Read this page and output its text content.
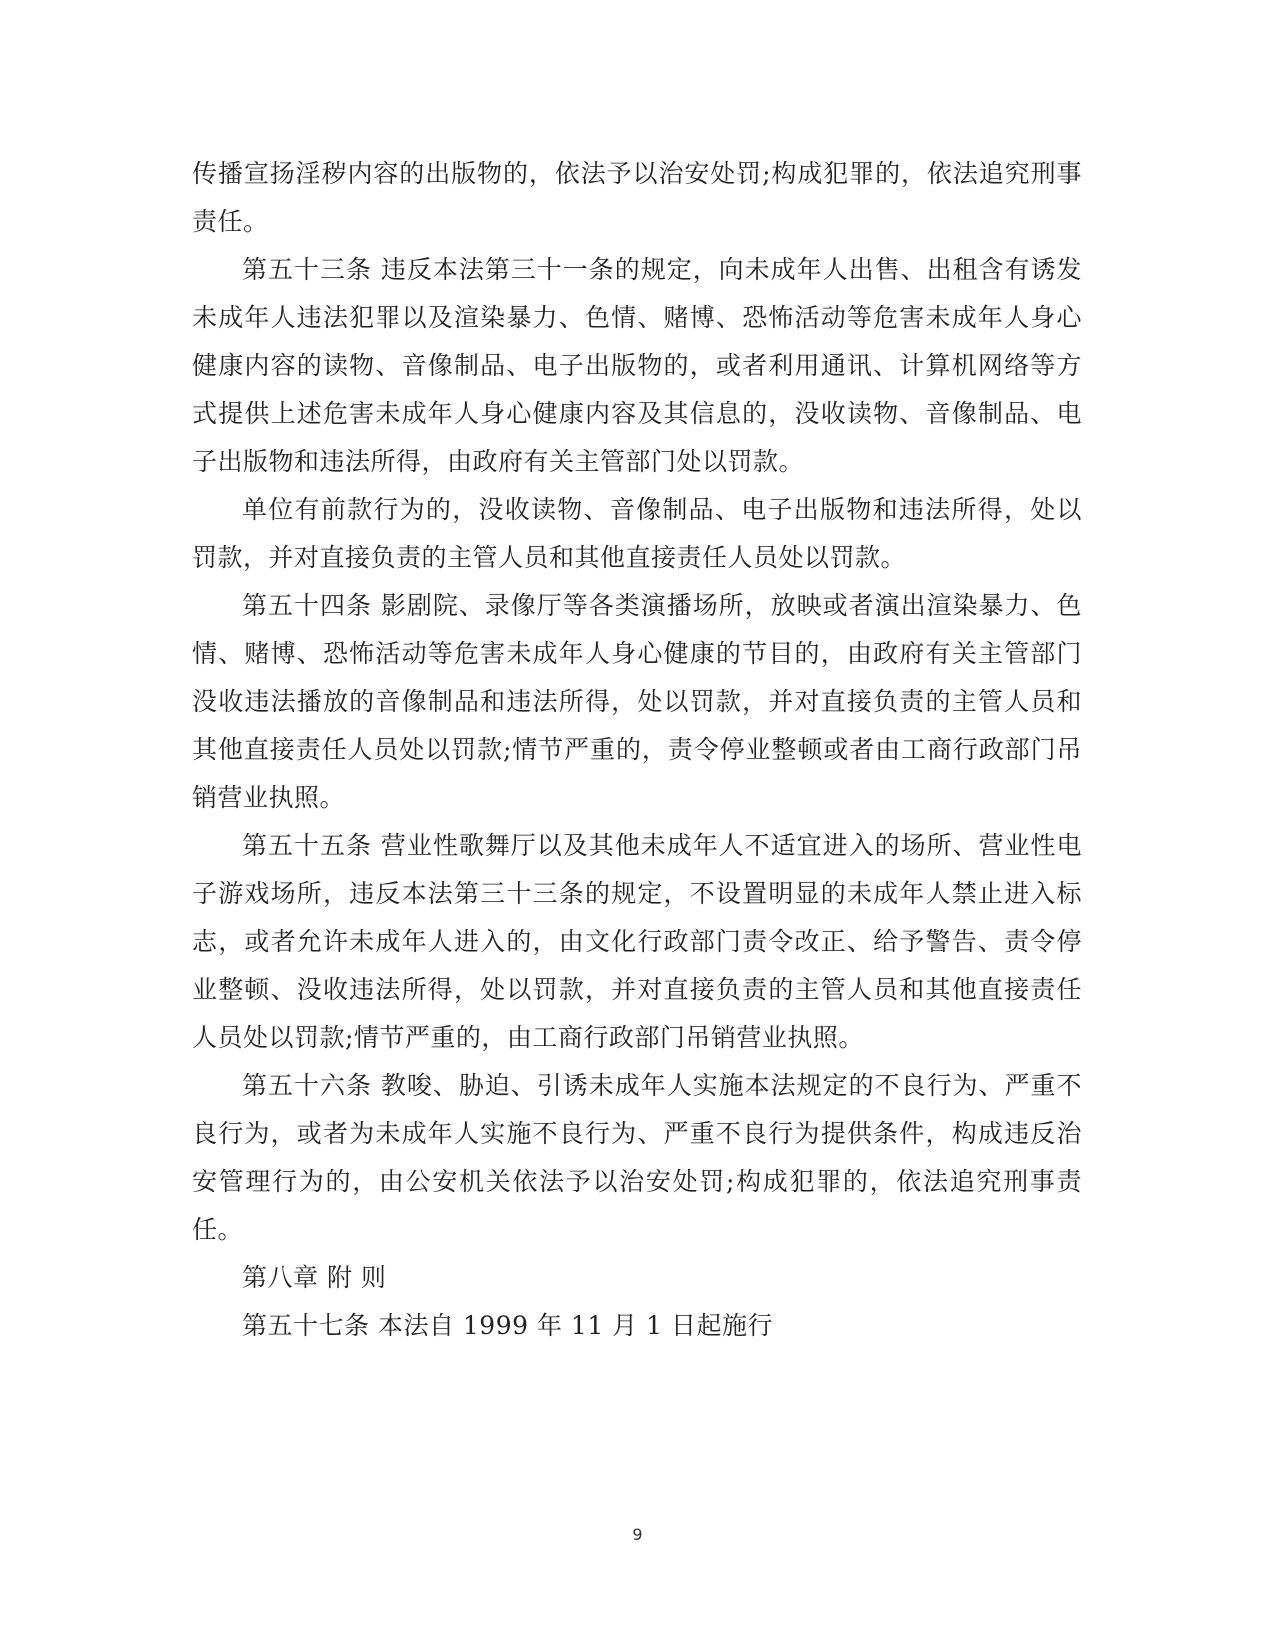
传播宣扬淫秽内容的出版物的，依法予以治安处罚;构成犯罪的，依法追究刑事责任。

第五十三条 违反本法第三十一条的规定，向未成年人出售、出租含有诱发未成年人违法犯罪以及渲染暴力、色情、赌博、恐怖活动等危害未成年人身心健康内容的读物、音像制品、电子出版物的，或者利用通讯、计算机网络等方式提供上述危害未成年人身心健康内容及其信息的，没收读物、音像制品、电子出版物和违法所得，由政府有关主管部门处以罚款。

单位有前款行为的，没收读物、音像制品、电子出版物和违法所得，处以罚款，并对直接负责的主管人员和其他直接责任人员处以罚款。

第五十四条 影剧院、录像厅等各类演播场所，放映或者演出渲染暴力、色情、赌博、恐怖活动等危害未成年人身心健康的节目的，由政府有关主管部门没收违法播放的音像制品和违法所得，处以罚款，并对直接负责的主管人员和其他直接责任人员处以罚款;情节严重的，责令停业整顿或者由工商行政部门吊销营业执照。

第五十五条 营业性歌舞厅以及其他未成年人不适宜进入的场所、营业性电子游戏场所，违反本法第三十三条的规定，不设置明显的未成年人禁止进入标志，或者允许未成年人进入的，由文化行政部门责令改正、给予警告、责令停业整顿、没收违法所得，处以罚款，并对直接负责的主管人员和其他直接责任人员处以罚款;情节严重的，由工商行政部门吊销营业执照。

第五十六条 教唆、胁迫、引诱未成年人实施本法规定的不良行为、严重不良行为，或者为未成年人实施不良行为、严重不良行为提供条件，构成违反治安管理行为的，由公安机关依法予以治安处罚;构成犯罪的，依法追究刑事责任。

第八章 附 则

第五十七条 本法自 1999 年 11 月 1 日起施行

9
